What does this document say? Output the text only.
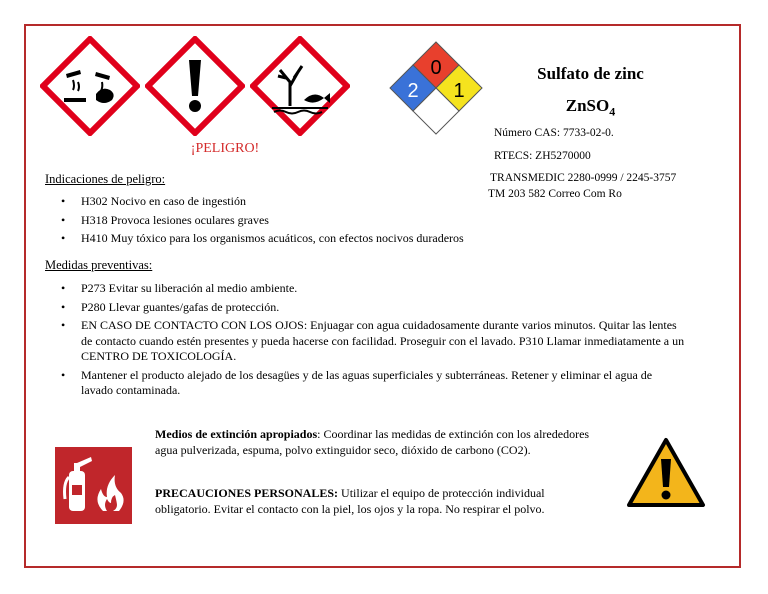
¡PELIGRO!
0
2 1
Sulfato de zinc
ZnSO$_4$
Número CAS: 7733-02-0.
RTECS: ZH5270000
TRANSMEDIC 2280-0999 / 2245-3757
TM 203 582 Correo Com Ro
Indicaciones de peligro:
• H302 Nocivo en caso de ingestión
• H318 Provoca lesiones oculares graves
• H410 Muy tóxico para los organismos acuáticos, con efectos nocivos duraderos
Medidas preventivas:
• P273 Evitar su liberación al medio ambiente.
• P280 Llevar guantes/gafas de protección.
• EN CASO DE CONTACTO CON LOS OJOS: Enjuagar con agua cuidadosamente durante varios minutos. Quitar las lentes de contacto cuando estén presentes y pueda hacerse con facilidad. Proseguir con el lavado. P310 Llamar inmediatamente a un CENTRO DE TOXICOLOGÍA.
• Mantener el producto alejado de los desagües y de las aguas superficiales y subterráneas. Retener y eliminar el agua de lavado contaminada.
Medios de extinción apropiados: Coordinar las medidas de extinción con los alrededores agua pulverizada, espuma, polvo extinguidor seco, dióxido de carbono (CO2).
PRECAUCIONES PERSONALES: Utilizar el equipo de protección individual obligatorio. Evitar el contacto con la piel, los ojos y la ropa. No respirar el polvo.
